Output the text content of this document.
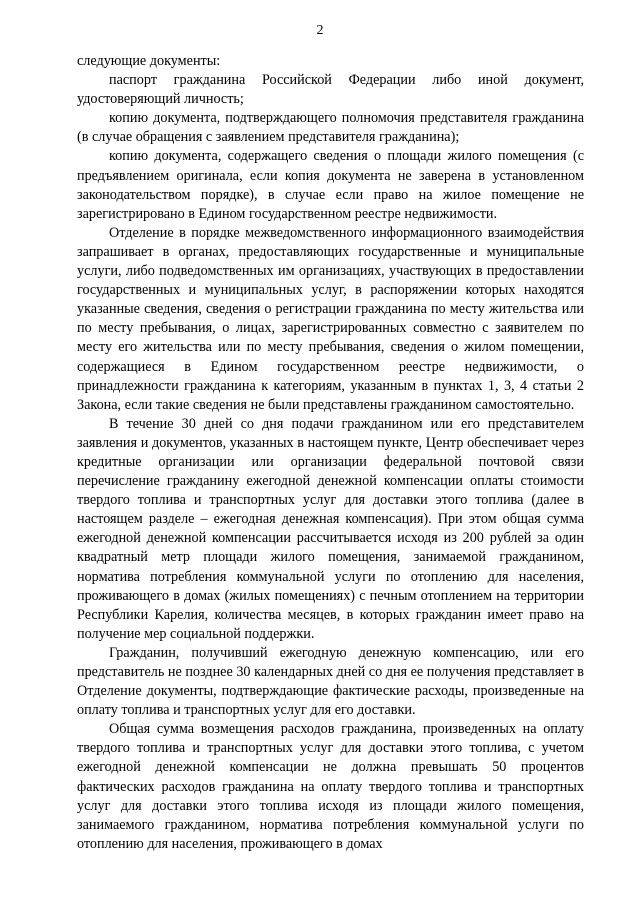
2

следующие документы:

паспорт гражданина Российской Федерации либо иной документ, удостоверяющий личность;

копию документа, подтверждающего полномочия представителя гражданина (в случае обращения с заявлением представителя гражданина);

копию документа, содержащего сведения о площади жилого помещения (с предъявлением оригинала, если копия документа не заверена в установленном законодательством порядке), в случае если право на жилое помещение не зарегистрировано в Едином государственном реестре недвижимости.

Отделение в порядке межведомственного информационного взаимодействия запрашивает в органах, предоставляющих государственные и муниципальные услуги, либо подведомственных им организациях, участвующих в предоставлении государственных и муниципальных услуг, в распоряжении которых находятся указанные сведения, сведения о регистрации гражданина по месту жительства или по месту пребывания, о лицах, зарегистрированных совместно с заявителем по месту его жительства или по месту пребывания, сведения о жилом помещении, содержащиеся в Едином государственном реестре недвижимости, о принадлежности гражданина к категориям, указанным в пунктах 1, 3, 4 статьи 2 Закона, если такие сведения не были представлены гражданином самостоятельно.

В течение 30 дней со дня подачи гражданином или его представителем заявления и документов, указанных в настоящем пункте, Центр обеспечивает через кредитные организации или организации федеральной почтовой связи перечисление гражданину ежегодной денежной компенсации оплаты стоимости твердого топлива и транспортных услуг для доставки этого топлива (далее в настоящем разделе – ежегодная денежная компенсация). При этом общая сумма ежегодной денежной компенсации рассчитывается исходя из 200 рублей за один квадратный метр площади жилого помещения, занимаемой гражданином, норматива потребления коммунальной услуги по отоплению для населения, проживающего в домах (жилых помещениях) с печным отоплением на территории Республики Карелия, количества месяцев, в которых гражданин имеет право на получение мер социальной поддержки.

Гражданин, получивший ежегодную денежную компенсацию, или его представитель не позднее 30 календарных дней со дня ее получения представляет в Отделение документы, подтверждающие фактические расходы, произведенные на оплату топлива и транспортных услуг для его доставки.

Общая сумма возмещения расходов гражданина, произведенных на оплату твердого топлива и транспортных услуг для доставки этого топлива, с учетом ежегодной денежной компенсации не должна превышать 50 процентов фактических расходов гражданина на оплату твердого топлива и транспортных услуг для доставки этого топлива исходя из площади жилого помещения, занимаемого гражданином, норматива потребления коммунальной услуги по отоплению для населения, проживающего в домах
